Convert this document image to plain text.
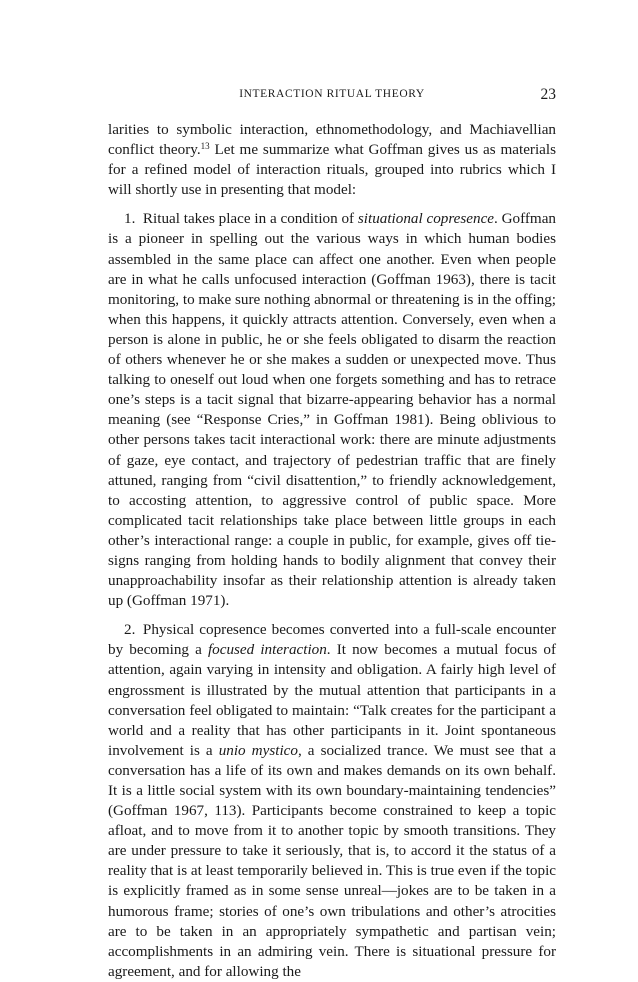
INTERACTION RITUAL THEORY	23

larities to symbolic interaction, ethnomethodology, and Machiavellian conflict theory.$^{13}$ Let me summarize what Goffman gives us as materials for a refined model of interaction rituals, grouped into rubrics which I will shortly use in presenting that model:

1. Ritual takes place in a condition of situational copresence. Goffman is a pioneer in spelling out the various ways in which human bodies assembled in the same place can affect one another. Even when people are in what he calls unfocused interaction (Goffman 1963), there is tacit monitoring, to make sure nothing abnormal or threatening is in the offing; when this happens, it quickly attracts attention. Conversely, even when a person is alone in public, he or she feels obligated to disarm the reaction of others whenever he or she makes a sudden or unexpected move. Thus talking to oneself out loud when one forgets something and has to retrace one’s steps is a tacit signal that bizarre-appearing behavior has a normal meaning (see “Response Cries,” in Goffman 1981). Being oblivious to other persons takes tacit interactional work: there are minute adjustments of gaze, eye contact, and trajectory of pedestrian traffic that are finely attuned, ranging from “civil disattention,” to friendly acknowledgement, to accosting attention, to aggressive control of public space. More complicated tacit relationships take place between little groups in each other’s interactional range: a couple in public, for example, gives off tie-signs ranging from holding hands to bodily alignment that convey their unapproachability insofar as their relationship attention is already taken up (Goffman 1971).

2. Physical copresence becomes converted into a full-scale encounter by becoming a focused interaction. It now becomes a mutual focus of attention, again varying in intensity and obligation. A fairly high level of engrossment is illustrated by the mutual attention that participants in a conversation feel obligated to maintain: “Talk creates for the participant a world and a reality that has other participants in it. Joint spontaneous involvement is a unio mystico, a socialized trance. We must see that a conversation has a life of its own and makes demands on its own behalf. It is a little social system with its own boundary-maintaining tendencies” (Goffman 1967, 113). Participants become constrained to keep a topic afloat, and to move from it to another topic by smooth transitions. They are under pressure to take it seriously, that is, to accord it the status of a reality that is at least temporarily believed in. This is true even if the topic is explicitly framed as in some sense unreal—jokes are to be taken in a humorous frame; stories of one’s own tribulations and other’s atrocities are to be taken in an appropriately sympathetic and partisan vein; accomplishments in an admiring vein. There is situational pressure for agreement, and for allowing the
